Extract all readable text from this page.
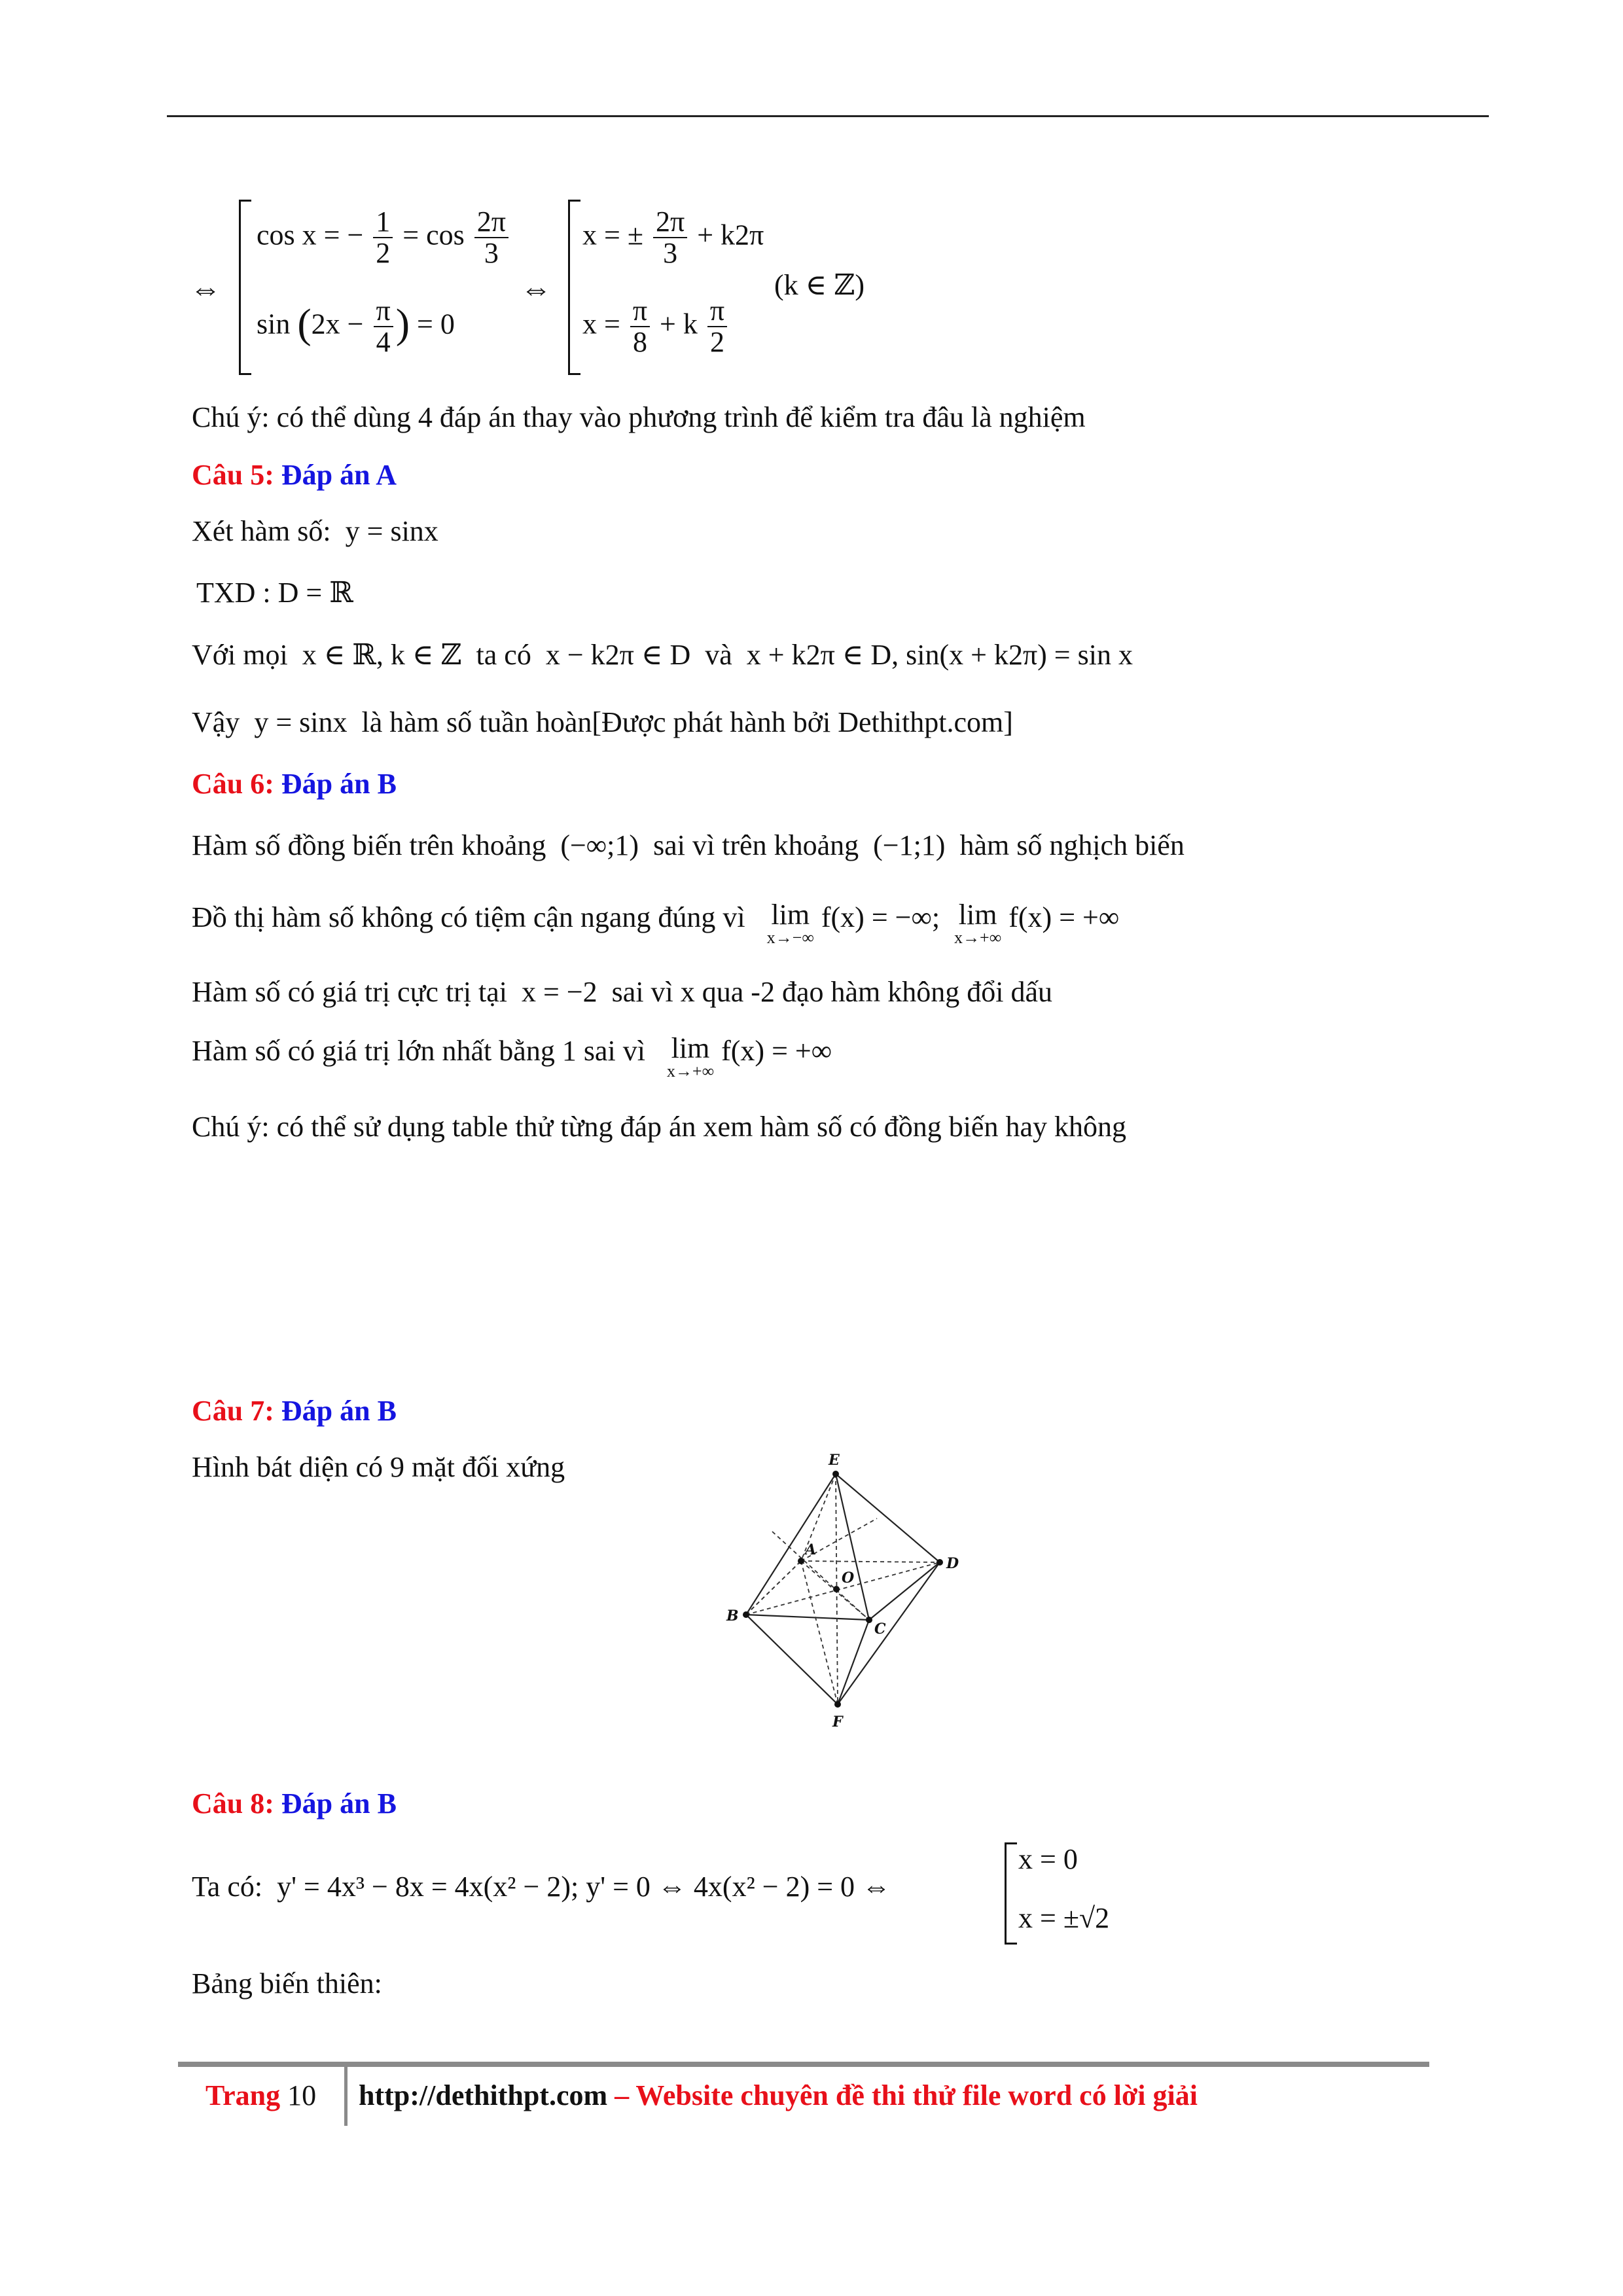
⇔
cos x = − $\frac{1}{2} = \cos \frac{2\pi}{3}$
$\sin (2x - \frac{\pi}{4}$ ) = 0
⇔
x = ± $\frac{2\pi}{3} + k2\pi$
$x = \frac{\pi}{8} + k \frac{\pi}{2}$
(k ∈ ℤ)
Chú ý: có thể dùng 4 đáp án thay vào phương trình để kiểm tra đâu là nghiệm
Câu 5: Đáp án A
Xét hàm số: y = sinx
TXD : D = ℝ
Với mọi x ∈ ℝ, k ∈ ℤ ta có x − k2π ∈ D và x + k2π ∈ D, sin(x + k2π) = sin x
Vậy y = sinx là hàm số tuần hoàn[Được phát hành bởi Dethithpt.com]
Câu 6: Đáp án B
Hàm số đồng biến trên khoảng (−∞;1) sai vì trên khoảng (−1;1) hàm số nghịch biến
Đồ thị hàm số không có tiệm cận ngang đúng vì lim
x→−∞
f(x) = −∞; lim
x→+∞
f(x) = +∞
Hàm số có giá trị cực trị tại x = −2 sai vì x qua -2 đạo hàm không đổi dấu
Hàm số có giá trị lớn nhất bằng 1 sai vì lim
x→+∞
f(x) = +∞
Chú ý: có thể sử dụng table thử từng đáp án xem hàm số có đồng biến hay không
Câu 7: Đáp án B
Hình bát diện có 9 mặt đối xứng	E
A
O
D
B
C
F
Câu 8: Đáp án B
Ta có: y' = 4x³ − 8x = 4x(x² − 2); y' = 0 ⇔ 4x(x² − 2) = 0 ⇔
x = 0
x = ±√2
Bảng biến thiên:
Trang 10 http://dethithpt.com – Website chuyên đề thi thử file word có lời giải
